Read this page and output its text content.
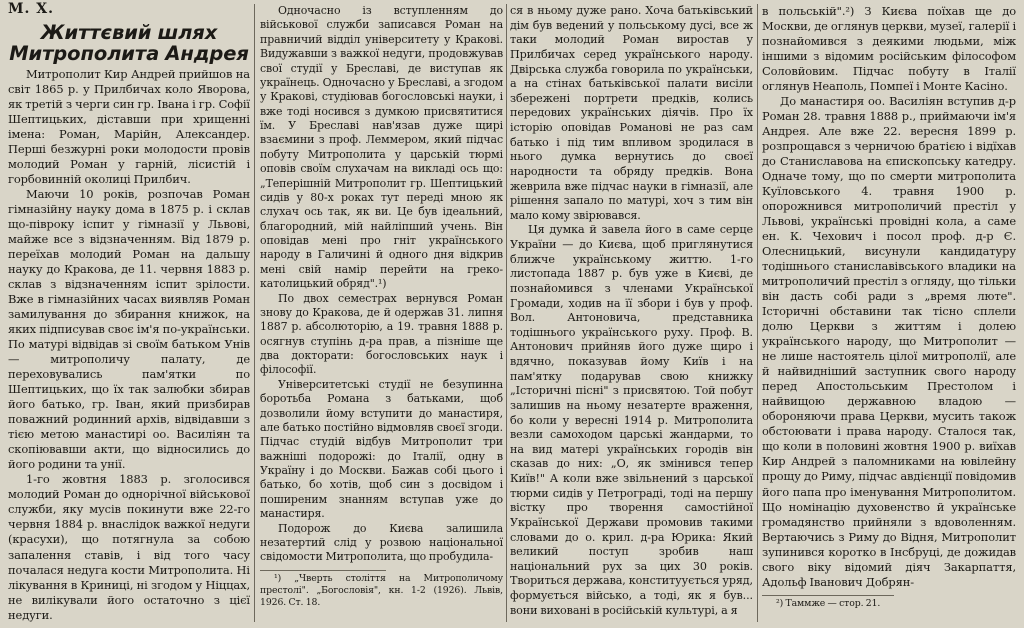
М. Х.
Життєвий шлях Митрополита Андрея

Митрополит Кир Андрей прийшов на світ 1865 р. у Прилбичах коло Яворова, як третій з черги син гр. Івана і гр. Софії Шептицьких, діставши при хрищенні імена: Роман, Марійн, Александер. Перші безжурні роки молодости провів молодий Роман у гарній, лісистій і горбовинній околиці Прилбич.

Маючи 10 років, розпочав Роман гімназійну науку дома в 1875 р. і склав що-півроку іспит у гімназії у Львові, майже все з відзначенням. Від 1879 р. переїхав молодий Роман на дальшу науку до Кракова, де 11. червня 1883 р. склав з відзначенням іспит зрілости. Вже в гімназійних часах виявляв Роман замилування до збирання книжок, на яких підписував своє ім'я по-українськи. По матурі відвідав зі своїм батьком Унів — митрополичу палату, де переховувались пам'ятки по Шептицьких, що їх так залюбки збирав його батько, гр. Іван, який призбирав поважний родинний архів, відвідавши з тією метою манастирі оо. Василіян та скопіювавши акти, що відносились до його родини та унії.

1-го жовтня 1883 р. зголосився молодий Роман до однорічної військової служби, яку мусів покинути вже 22-го червня 1884 р. внаслідок важкої недуги (красухи), що потягнула за собою запалення ставів, і від того часу почалася недуга кости Митрополита. Ні лікування в Криниці, ні згодом у Ніццах, не вилікували його остаточно з цієї недуги.

Одночасно із вступленням до військової служби записався Роман на правничий відділ університету у Кракові. Видужавши з важкої недуги, продовжував свої студії у Бреславі, де виступав як українець. Одночасно у Бреславі, а згодом у Кракові, студіював богословські науки, і вже тоді носився з думкою присвятитися їм. У Бреславі нав'язав дуже щирі взаємини з проф. Леммером, який підчас побуту Митрополита у царській тюрмі оповів своїм слухачам на викладі ось що: „Теперішній Митрополит гр. Шептицький сидів у 80-х роках тут переді мною як слухач ось так, як ви. Це був ідеальний, благородний, мій найліпший учень. Він оповідав мені про гніт українського народу в Галичині й одного дня відкрив мені свій намір перейти на греко-католицький обряд".¹)

По двох семестрах вернувся Роман знову до Кракова, де й одержав 31. липня 1887 р. абсолюторію, а 19. травня 1888 р. осягнув ступінь д-ра прав, а пізніше ще два докторати: богословських наук і філософії.

Університетські студії не безупинна боротьба Романа з батьками, щоб дозволили йому вступити до манастиря, але батько постійно відмовляв своєї згоди. Підчас студій відбув Митрополит три важніші подорожі: до Італії, одну в Україну і до Москви. Бажав собі цього і батько, бо хотів, щоб син з досвідом і поширеним знанням вступав уже до манастиря.

Подорож до Києва залишила незатертий слід у розвою національної свідомости Митрополита, що пробудила-

¹) „Чверть століття на Митрополичому престолі". „Богословія", кн. 1-2 (1926). Львів, 1926. Ст. 18.

ся в ньому дуже рано. Хоча батьківський дім був ведений у польському дусі, все ж таки молодий Роман виростав у Прилбичах серед українського народу. Двірська служба говорила по українськи, а на стінах батьківської палати висіли збережені портрети предків, колись передових українських діячів. Про їх історію оповідав Романові не раз сам батько і під тим впливом зродилася в нього думка вернутись до своєї народности та обряду предків. Вона жеврила вже підчас науки в гімназії, але рішення запало по матурі, хоч з тим він мало кому звірювався.

Ця думка й завела його в саме серце України — до Києва, щоб приглянутися ближче українському життю. 1-го листопада 1887 р. був уже в Києві, де познайомився з членами Української Громади, ходив на її збори і був у проф. Вол. Антоновича, представника тодішнього українського руху. Проф. В. Антонович прийняв його дуже щиро і вдячно, показував йому Київ і на пам'ятку подарував свою книжку „Історичні пісні" з присвятою. Той побут залишив на ньому незатерте враження, бо коли у вересні 1914 р. Митрополита везли самоходом царські жандарми, то на вид матері українських городів він сказав до них: „О, як змінився тепер Київ!" А коли вже звільнений з царської тюрми сидів у Петрограді, тоді на першу вістку про творення самостійної Української Держави промовив такими словами до о. крил. д-ра Юрика: Який великий поступ зробив наш національний рух за цих 30 років. Твориться держава, конституується уряд, формується військо, а тоді, як я був... вони виховані в російській культурі, а я

в польській".²) З Києва поїхав ще до Москви, де оглянув церкви, музеї, галерії і познайомився з деякими людьми, між іншими з відомим російським філософом Соловйовим. Підчас побуту в Італії оглянув Неаполь, Помпеї і Монте Касіно.

До манастиря оо. Василіян вступив д-р Роман 28. травня 1888 р., приймаючи ім'я Андрея. Але вже 22. вересня 1899 р. розпрощався з черничою братією і відїхав до Станиславова на єпископську катедру. Одначе тому, що по смерти митрополита Куїловського 4. травня 1900 р. опорожнився митрополичий престіл у Львові, українські провідні кола, а саме ен. К. Чехович і посол проф. д-р Є. Олесницький, висунули кандидатуру тодішнього станиславівського владики на митрополичий престіл з огляду, що тільки він дасть собі ради з „время люте". Історичні обставини так тісно сплели долю Церкви з життям і долею українського народу, що Митрополит — не лише настоятель цілої митрополії, але й найвидніший заступник свого народу перед Апостольським Престолом і найвищою державною владою — обороняючи права Церкви, мусить також обстоювати і права народу. Сталося так, що коли в половині жовтня 1900 р. виїхав Кир Андрей з паломниками на ювілейну прощу до Риму, підчас авдієнції повідомив його папа про іменування Митрополитом. Що номінацію духовенство й українське громадянство прийняли з вдоволенням. Вертаючись з Риму до Відня, Митрополит зупинився коротко в Інсбруці, де дожидав свого віку відомий діяч Закарпаття, Адольф Іванович Добрян-

²) Таммже — стор. 21.
